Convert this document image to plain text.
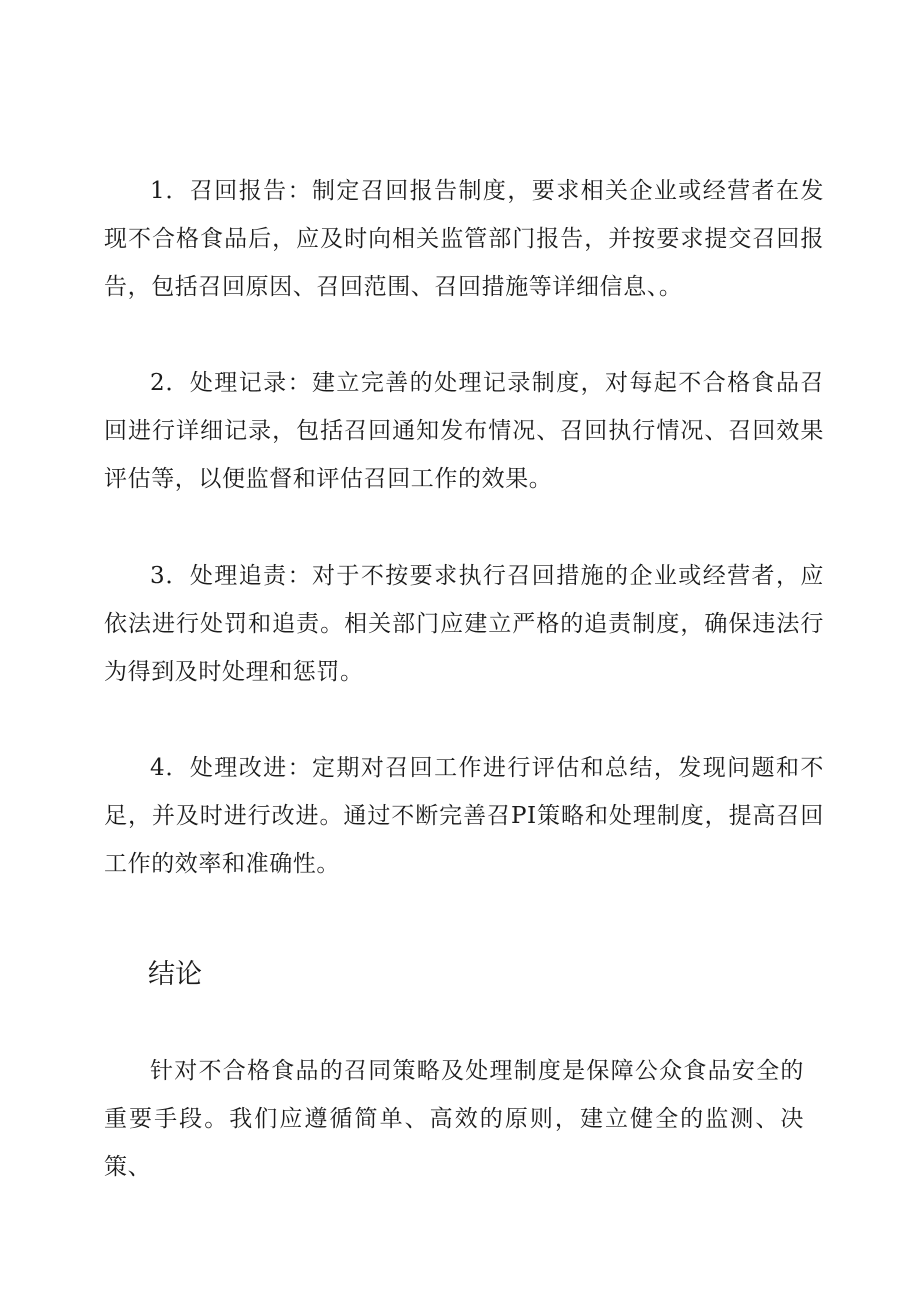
1．召回报告：制定召回报告制度，要求相关企业或经营者在发现不合格食品后，应及时向相关监管部门报告，并按要求提交召回报告，包括召回原因、召回范围、召回措施等详细信息、。

2．处理记录：建立完善的处理记录制度，对每起不合格食品召回进行详细记录，包括召回通知发布情况、召回执行情况、召回效果评估等，以便监督和评估召回工作的效果。

3．处理追责：对于不按要求执行召回措施的企业或经营者，应依法进行处罚和追责。相关部门应建立严格的追责制度，确保违法行为得到及时处理和惩罚。

4．处理改进：定期对召回工作进行评估和总结，发现问题和不足，并及时进行改进。通过不断完善召PI策略和处理制度，提高召回工作的效率和准确性。

结论

针对不合格食品的召同策略及处理制度是保障公众食品安全的重要手段。我们应遵循简单、高效的原则，建立健全的监测、决策、
